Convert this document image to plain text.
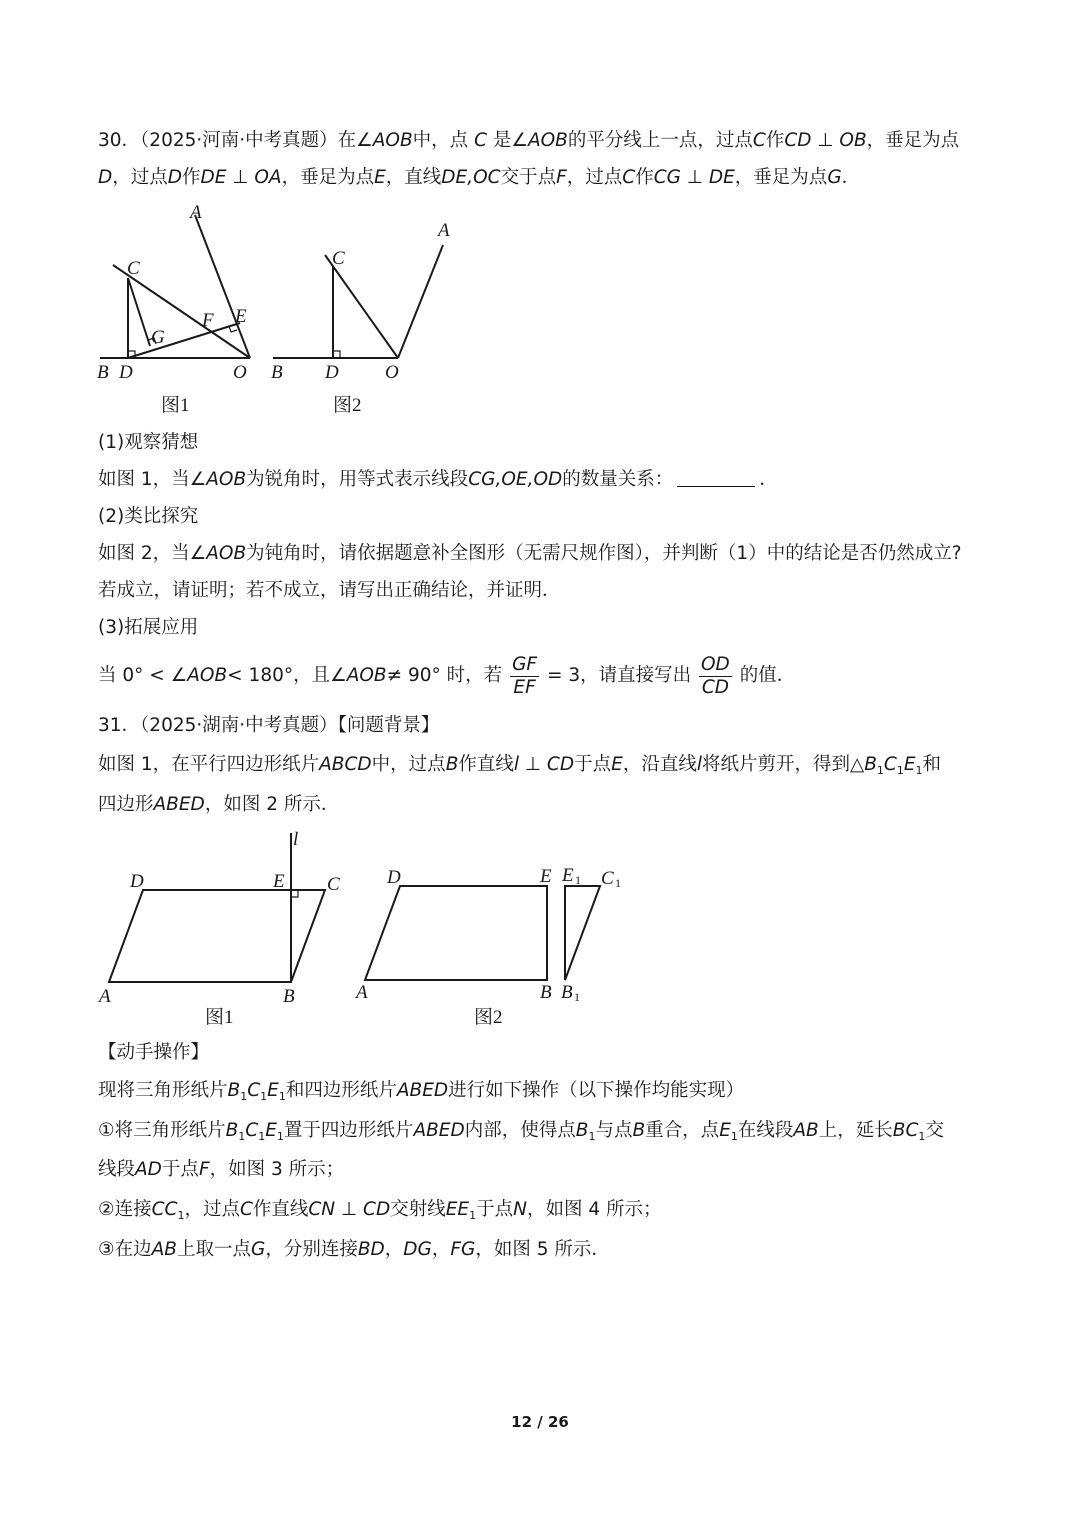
30．（2025·河南·中考真题）在∠AOB中，点 C 是∠AOB的平分线上一点，过点C作CD ⊥ OB，垂足为点
D，过点D作DE ⊥ OA，垂足为点E，直线DE,OC交于点F，过点C作CG ⊥ DE，垂足为点G．
A
C
E
F
G
B D	O
图1
A
C
B D O
图2
(1)观察猜想
如图 1，当∠AOB为锐角时，用等式表示线段CG,OE,OD的数量关系：	．
(2)类比探究
如图 2，当∠AOB为钝角时，请依据题意补全图形（无需尺规作图），并判断（1）中的结论是否仍然成立?
若成立，请证明；若不成立，请写出正确结论，并证明．
(3)拓展应用
当 0° < ∠AOB< 180°，且∠AOB≠ 90° 时，若 $\frac{GF}{EF} = 3$，请直接写出 $\frac{OD}{CD}$ 的值．
31．（2025·湖南·中考真题）【问题背景】
如图 1，在平行四边形纸片ABCD中，过点B作直线l ⊥ CD于点E，沿直线l将纸片剪开，得到$\triangle B_1C_1E_1$和
四边形ABED，如图 2 所示．
l
D	E C
A	B
图1
D	E E 1 C 1
A	B B 1
图2
【动手操作】
现将三角形纸片$B_1C_1E_1$和四边形纸片ABED进行如下操作（以下操作均能实现）
①将三角形纸片$B_1C_1E_1$置于四边形纸片ABED内部，使得点$B_1$与点B重合，点$E_1$在线段AB上，延长$BC_1$交
线段AD于点F，如图 3 所示；
②连接$CC_1$，过点C作直线CN ⊥ CD交射线$EE_1$于点N，如图 4 所示；
③在边AB上取一点G，分别连接BD，DG，FG，如图 5 所示．
12 / 26
